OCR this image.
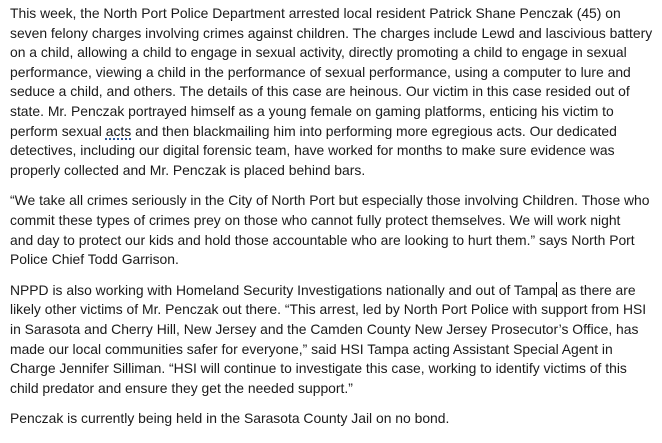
This week, the North Port Police Department arrested local resident Patrick Shane Penczak (45) on
seven felony charges involving crimes against children. The charges include Lewd and lascivious battery
on a child, allowing a child to engage in sexual activity, directly promoting a child to engage in sexual
performance, viewing a child in the performance of sexual performance, using a computer to lure and
seduce a child, and others. The details of this case are heinous. Our victim in this case resided out of
state. Mr. Penczak portrayed himself as a young female on gaming platforms, enticing his victim to
perform sexual acts and then blackmailing him into performing more egregious acts. Our dedicated
detectives, including our digital forensic team, have worked for months to make sure evidence was
properly collected and Mr. Penczak is placed behind bars.

“We take all crimes seriously in the City of North Port but especially those involving Children. Those who
commit these types of crimes prey on those who cannot fully protect themselves. We will work night
and day to protect our kids and hold those accountable who are looking to hurt them.” says North Port
Police Chief Todd Garrison.

NPPD is also working with Homeland Security Investigations nationally and out of Tampa as there are
likely other victims of Mr. Penczak out there. “This arrest, led by North Port Police with support from HSI
in Sarasota and Cherry Hill, New Jersey and the Camden County New Jersey Prosecutor’s Office, has
made our local communities safer for everyone,” said HSI Tampa acting Assistant Special Agent in
Charge Jennifer Silliman. “HSI will continue to investigate this case, working to identify victims of this
child predator and ensure they get the needed support.”

Penczak is currently being held in the Sarasota County Jail on no bond.
